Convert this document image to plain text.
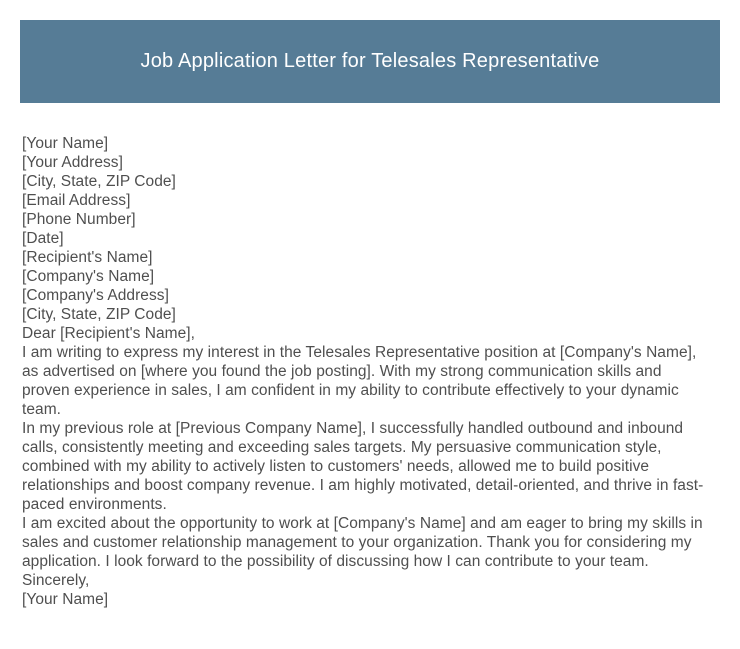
Job Application Letter for Telesales Representative
[Your Name]
[Your Address]
[City, State, ZIP Code]
[Email Address]
[Phone Number]
[Date]
[Recipient's Name]
[Company's Name]
[Company's Address]
[City, State, ZIP Code]
Dear [Recipient's Name],
I am writing to express my interest in the Telesales Representative position at [Company's Name],
as advertised on [where you found the job posting]. With my strong communication skills and
proven experience in sales, I am confident in my ability to contribute effectively to your dynamic
team.
In my previous role at [Previous Company Name], I successfully handled outbound and inbound
calls, consistently meeting and exceeding sales targets. My persuasive communication style,
combined with my ability to actively listen to customers' needs, allowed me to build positive
relationships and boost company revenue. I am highly motivated, detail-oriented, and thrive in fast-
paced environments.
I am excited about the opportunity to work at [Company's Name] and am eager to bring my skills in
sales and customer relationship management to your organization. Thank you for considering my
application. I look forward to the possibility of discussing how I can contribute to your team.
Sincerely,
[Your Name]
